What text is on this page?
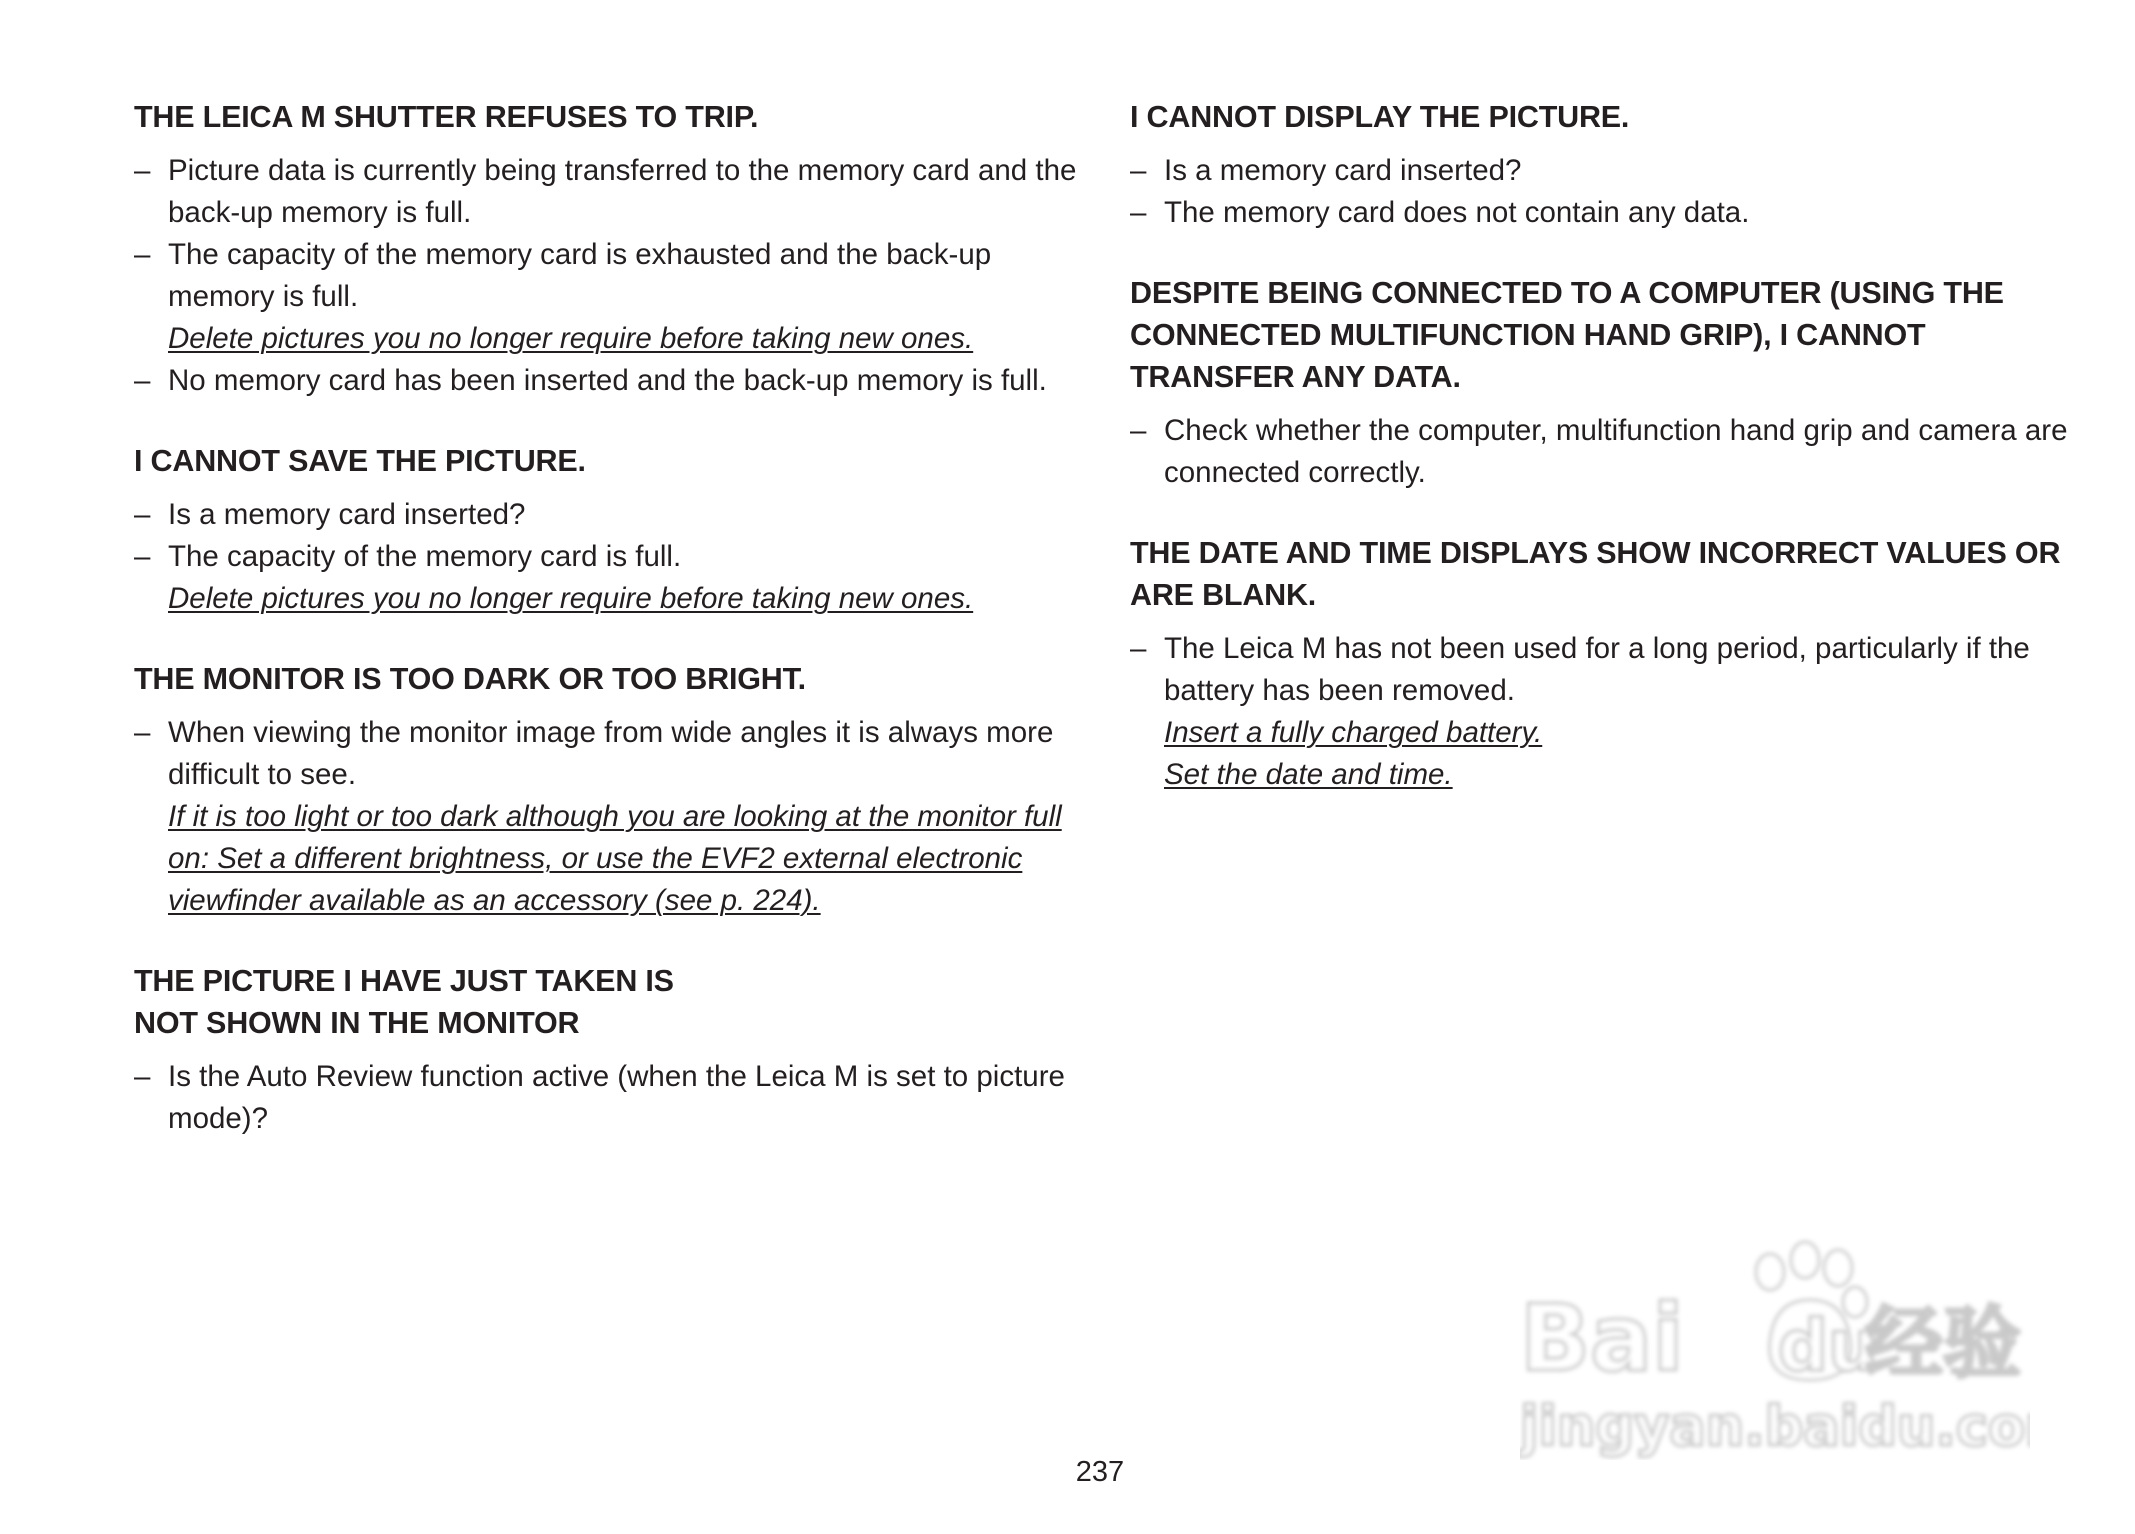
THE LEICA M SHUTTER REFUSES TO TRIP.
– Picture data is currently being transferred to the memory card and the back-up memory is full.
– The capacity of the memory card is exhausted and the back-up memory is full.
Delete pictures you no longer require before taking new ones.
– No memory card has been inserted and the back-up memory is full.
I CANNOT SAVE THE PICTURE.
– Is a memory card inserted?
– The capacity of the memory card is full.
Delete pictures you no longer require before taking new ones.
THE MONITOR IS TOO DARK OR TOO BRIGHT.
– When viewing the monitor image from wide angles it is always more difficult to see.
If it is too light or too dark although you are looking at the monitor full on: Set a different brightness, or use the EVF2 external electronic viewfinder available as an accessory (see p. 224).
THE PICTURE I HAVE JUST TAKEN IS
NOT SHOWN IN THE MONITOR
– Is the Auto Review function active (when the Leica M is set to picture mode)?
I CANNOT DISPLAY THE PICTURE.
– Is a memory card inserted?
– The memory card does not contain any data.
DESPITE BEING CONNECTED TO A COMPUTER (USING THE CONNECTED MULTIFUNCTION HAND GRIP), I CANNOT TRANSFER ANY DATA.
– Check whether the computer, multifunction hand grip and camera are connected correctly.
THE DATE AND TIME DISPLAYS SHOW INCORRECT VALUES OR ARE BLANK.
– The Leica M has not been used for a long period, particularly if the battery has been removed.
Insert a fully charged battery.
Set the date and time.
237
Bai du
经验
jingyan.baidu.com
